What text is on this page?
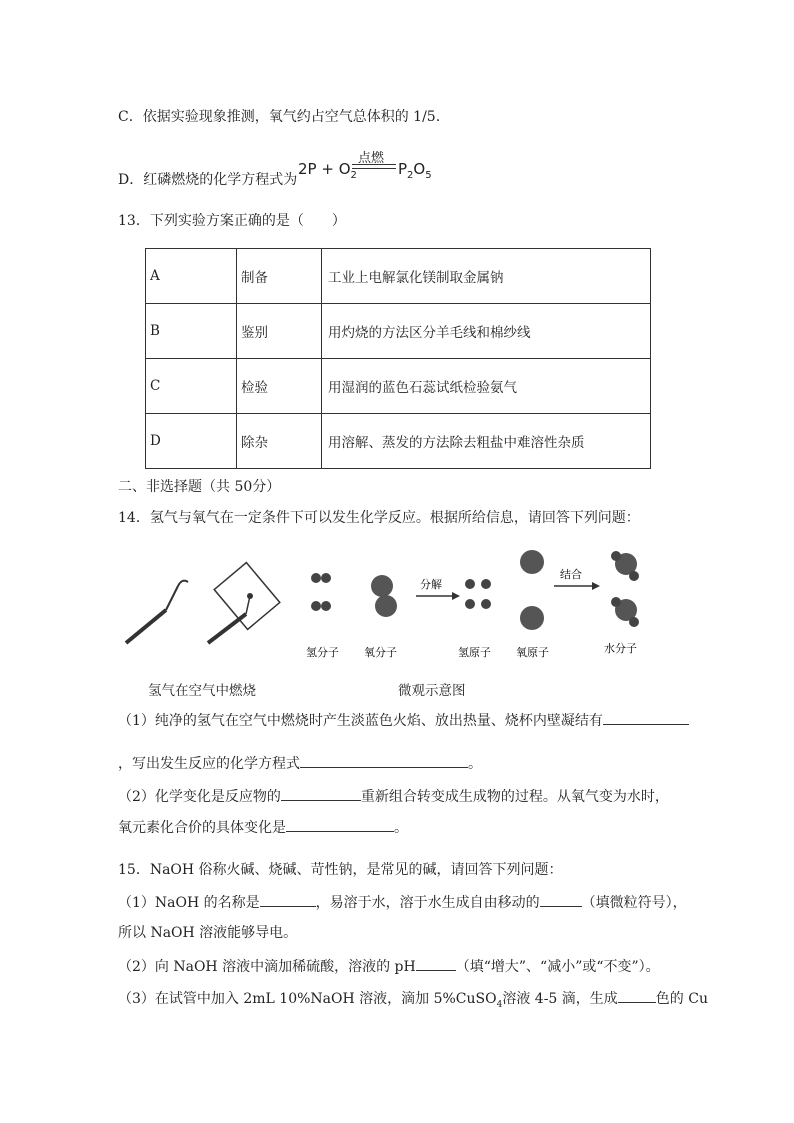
C．依据实验现象推测，氧气约占空气总体积的 1/5.
D．红磷燃烧的化学方程式为
$2P + O_2$
点燃
$P_2O_5$
13．下列实验方案正确的是（　　）
A	制备	工业上电解氯化镁制取金属钠
B	鉴别	用灼烧的方法区分羊毛线和棉纱线
C	检验	用湿润的蓝色石蕊试纸检验氨气
D	除杂	用溶解、蒸发的方法除去粗盐中难溶性杂质
二、非选择题（共 50分）
14．氢气与氧气在一定条件下可以发生化学反应。根据所给信息，请回答下列问题：
分解
结合
氢分子 氧分子	氢原子 氧原子	水分子
氢气在空气中燃烧	微观示意图
（1）纯净的氢气在空气中燃烧时产生淡蓝色火焰、放出热量、烧杯内壁凝结有
，写出发生反应的化学方程式	。
（2）化学变化是反应物的	重新组合转变成生成物的过程。从氧气变为水时，
氧元素化合价的具体变化是	。
15．NaOH 俗称火碱、烧碱、苛性钠，是常见的碱，请回答下列问题：
（1）NaOH 的名称是	，易溶于水，溶于水生成自由移动的	（填微粒符号），
所以 NaOH 溶液能够导电。
（2）向 NaOH 溶液中滴加稀硫酸，溶液的 pH	（填“增大”、“减小”或“不变”）。
（3）在试管中加入 2mL 10%NaOH 溶液，滴加 5%CuSO$_4$溶液 4-5 滴，生成	色的 Cu
